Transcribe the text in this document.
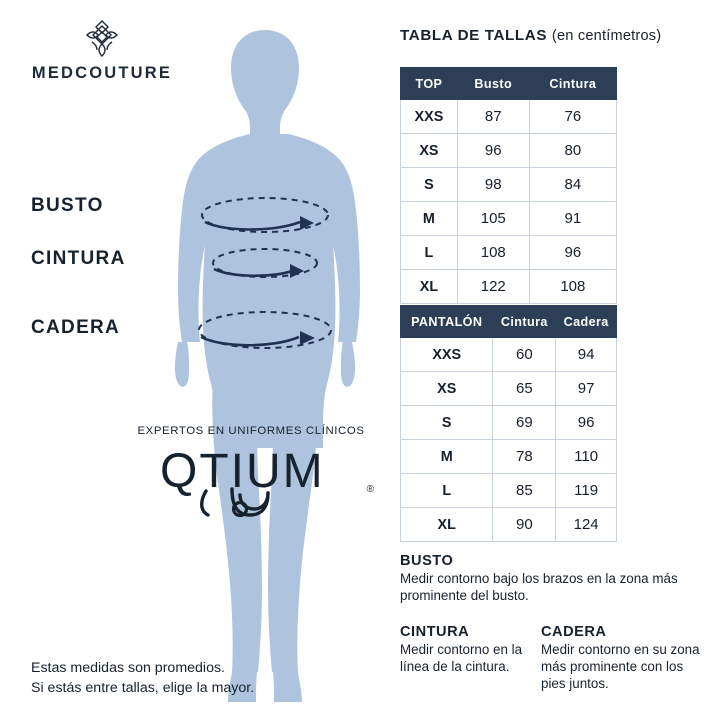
MEDCOUTURE
BUSTO
CINTURA
CADERA
EXPERTOS EN UNIFORMES CLÍNICOS
QTIUM	®
Estas medidas son promedios.
Si estás entre tallas, elige la mayor.
TABLA DE TALLAS (en centímetros)
TOP	Busto	Cintura
XXS	87	76
XS	96	80
S	98	84
M	105	91
L	108	96
XL	122	108
PANTALÓN	Cintura	Cadera
XXS	60	94
XS	65	97
S	69	96
M	78	110
L	85	119
XL	90	124
BUSTO
Medir contorno bajo los brazos en la zona más prominente del busto.
CINTURA
Medir contorno en la línea de la cintura.
CADERA
Medir contorno en su zona más prominente con los pies juntos.
